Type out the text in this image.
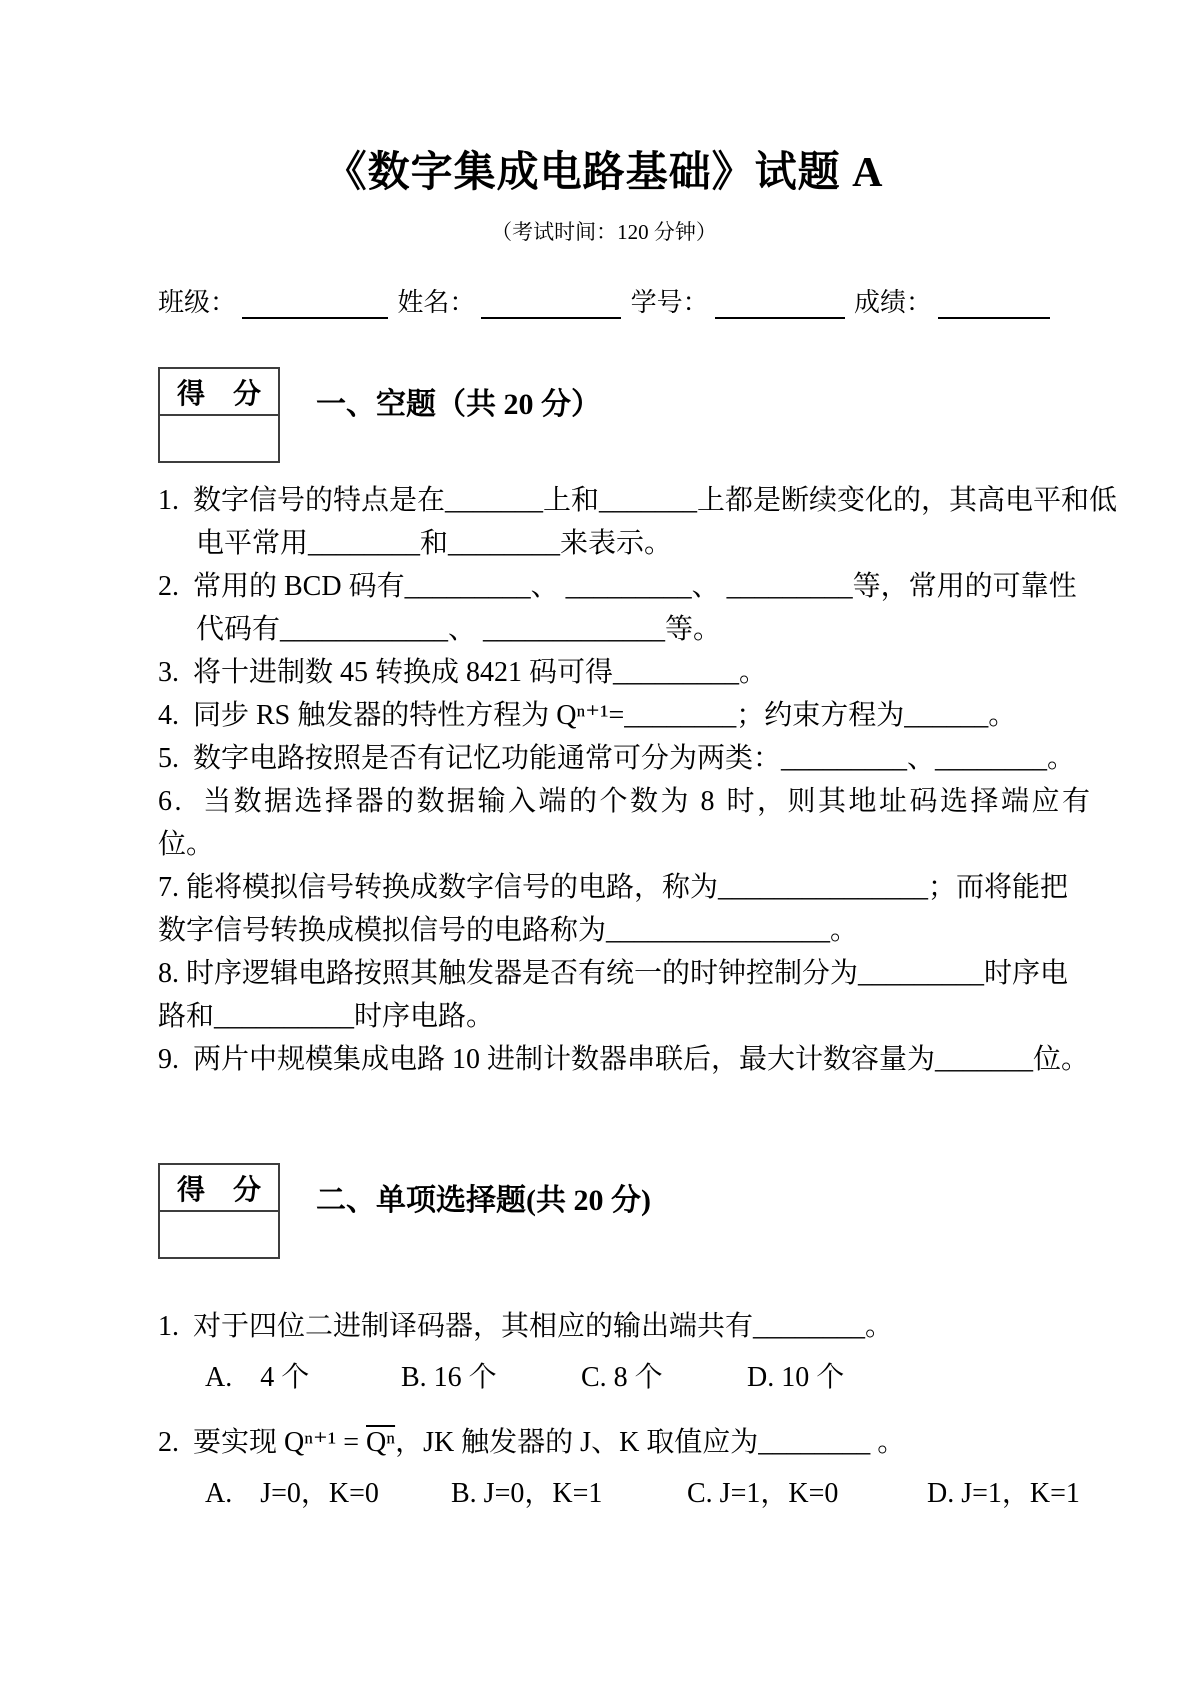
《数字集成电路基础》试题 A
（考试时间：120 分钟）
班级：	姓名：	学号：	成绩：
得　分	一、空题（共 20 分）
1.  数字信号的特点是在_______上和_______上都是断续变化的，其高电平和低
电平常用________和________来表示。
2.  常用的 BCD 码有_________、 _________、 _________等，常用的可靠性
代码有____________、 _____________等。
3.  将十进制数 45 转换成 8421 码可得_________。
4.  同步 RS 触发器的特性方程为 Qⁿ⁺¹=________；约束方程为______。
5.  数字电路按照是否有记忆功能通常可分为两类：_________、________。
6.  当数据选择器的数据输入端的个数为 8 时，则其地址码选择端应有
位。
7. 能将模拟信号转换成数字信号的电路，称为_______________；而将能把
数字信号转换成模拟信号的电路称为________________。
8. 时序逻辑电路按照其触发器是否有统一的时钟控制分为_________时序电
路和__________时序电路。
9.  两片中规模集成电路 10 进制计数器串联后，最大计数容量为_______位。
得　分	二、单项选择题(共 20 分)
1.  对于四位二进制译码器，其相应的输出端共有________。
A.    4 个	B. 16 个	C. 8 个	D. 10 个
2.  要实现 $Q^{n+1} = \overline{Q^n}$，JK 触发器的 J、K 取值应为________ 。
A.    J=0，K=0	B. J=0，K=1	C. J=1，K=0	D. J=1，K=1
